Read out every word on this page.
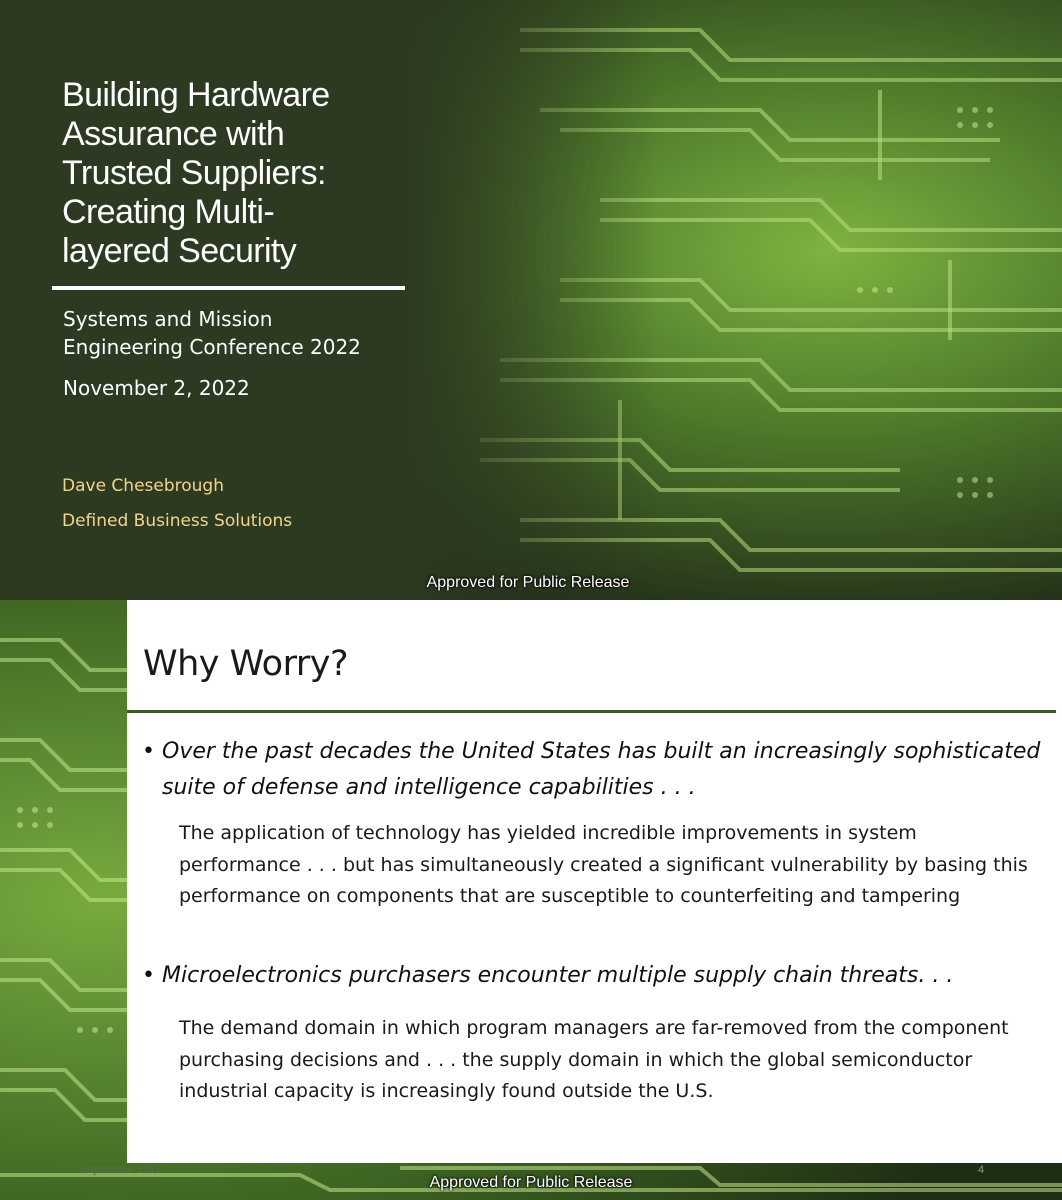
Building Hardware
Assurance with
Trusted Suppliers:
Creating Multi-
layered Security
Systems and Mission
Engineering Conference 2022
November 2, 2022
Dave Chesebrough
Defined Business Solutions
Approved for Public Release
Why Worry?
• Over the past decades the United States has built an increasingly sophisticated suite of defense and intelligence capabilities . . .
The application of technology has yielded incredible improvements in system performance . . . but has simultaneously created a significant vulnerability by basing this performance on components that are susceptible to counterfeiting and tampering
• Microelectronics purchasers encounter multiple supply chain threats. . .
The demand domain in which program managers are far-removed from the component purchasing decisions and . . . the supply domain in which the global semiconductor industrial capacity is increasingly found outside the U.S.
September 2017	4
Approved for Public Release
